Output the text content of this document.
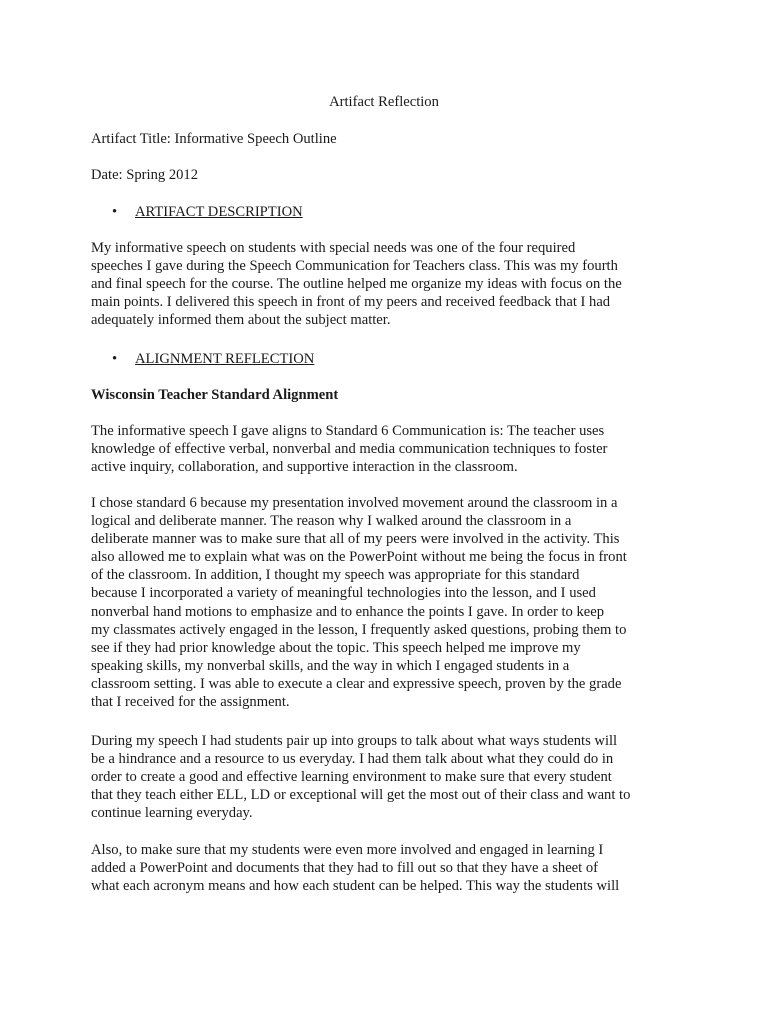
Artifact Reflection
Artifact Title: Informative Speech Outline
Date: Spring 2012
• ARTIFACT DESCRIPTION
My informative speech on students with special needs was one of the four required
speeches I gave during the Speech Communication for Teachers class. This was my fourth
and final speech for the course. The outline helped me organize my ideas with focus on the
main points. I delivered this speech in front of my peers and received feedback that I had
adequately informed them about the subject matter.
• ALIGNMENT REFLECTION
Wisconsin Teacher Standard Alignment
The informative speech I gave aligns to Standard 6 Communication is: The teacher uses
knowledge of effective verbal, nonverbal and media communication techniques to foster
active inquiry, collaboration, and supportive interaction in the classroom.
I chose standard 6 because my presentation involved movement around the classroom in a
logical and deliberate manner. The reason why I walked around the classroom in a
deliberate manner was to make sure that all of my peers were involved in the activity. This
also allowed me to explain what was on the PowerPoint without me being the focus in front
of the classroom. In addition, I thought my speech was appropriate for this standard
because I incorporated a variety of meaningful technologies into the lesson, and I used
nonverbal hand motions to emphasize and to enhance the points I gave. In order to keep
my classmates actively engaged in the lesson, I frequently asked questions, probing them to
see if they had prior knowledge about the topic. This speech helped me improve my
speaking skills, my nonverbal skills, and the way in which I engaged students in a
classroom setting. I was able to execute a clear and expressive speech, proven by the grade
that I received for the assignment.
During my speech I had students pair up into groups to talk about what ways students will
be a hindrance and a resource to us everyday. I had them talk about what they could do in
order to create a good and effective learning environment to make sure that every student
that they teach either ELL, LD or exceptional will get the most out of their class and want to
continue learning everyday.
Also, to make sure that my students were even more involved and engaged in learning I
added a PowerPoint and documents that they had to fill out so that they have a sheet of
what each acronym means and how each student can be helped. This way the students will
